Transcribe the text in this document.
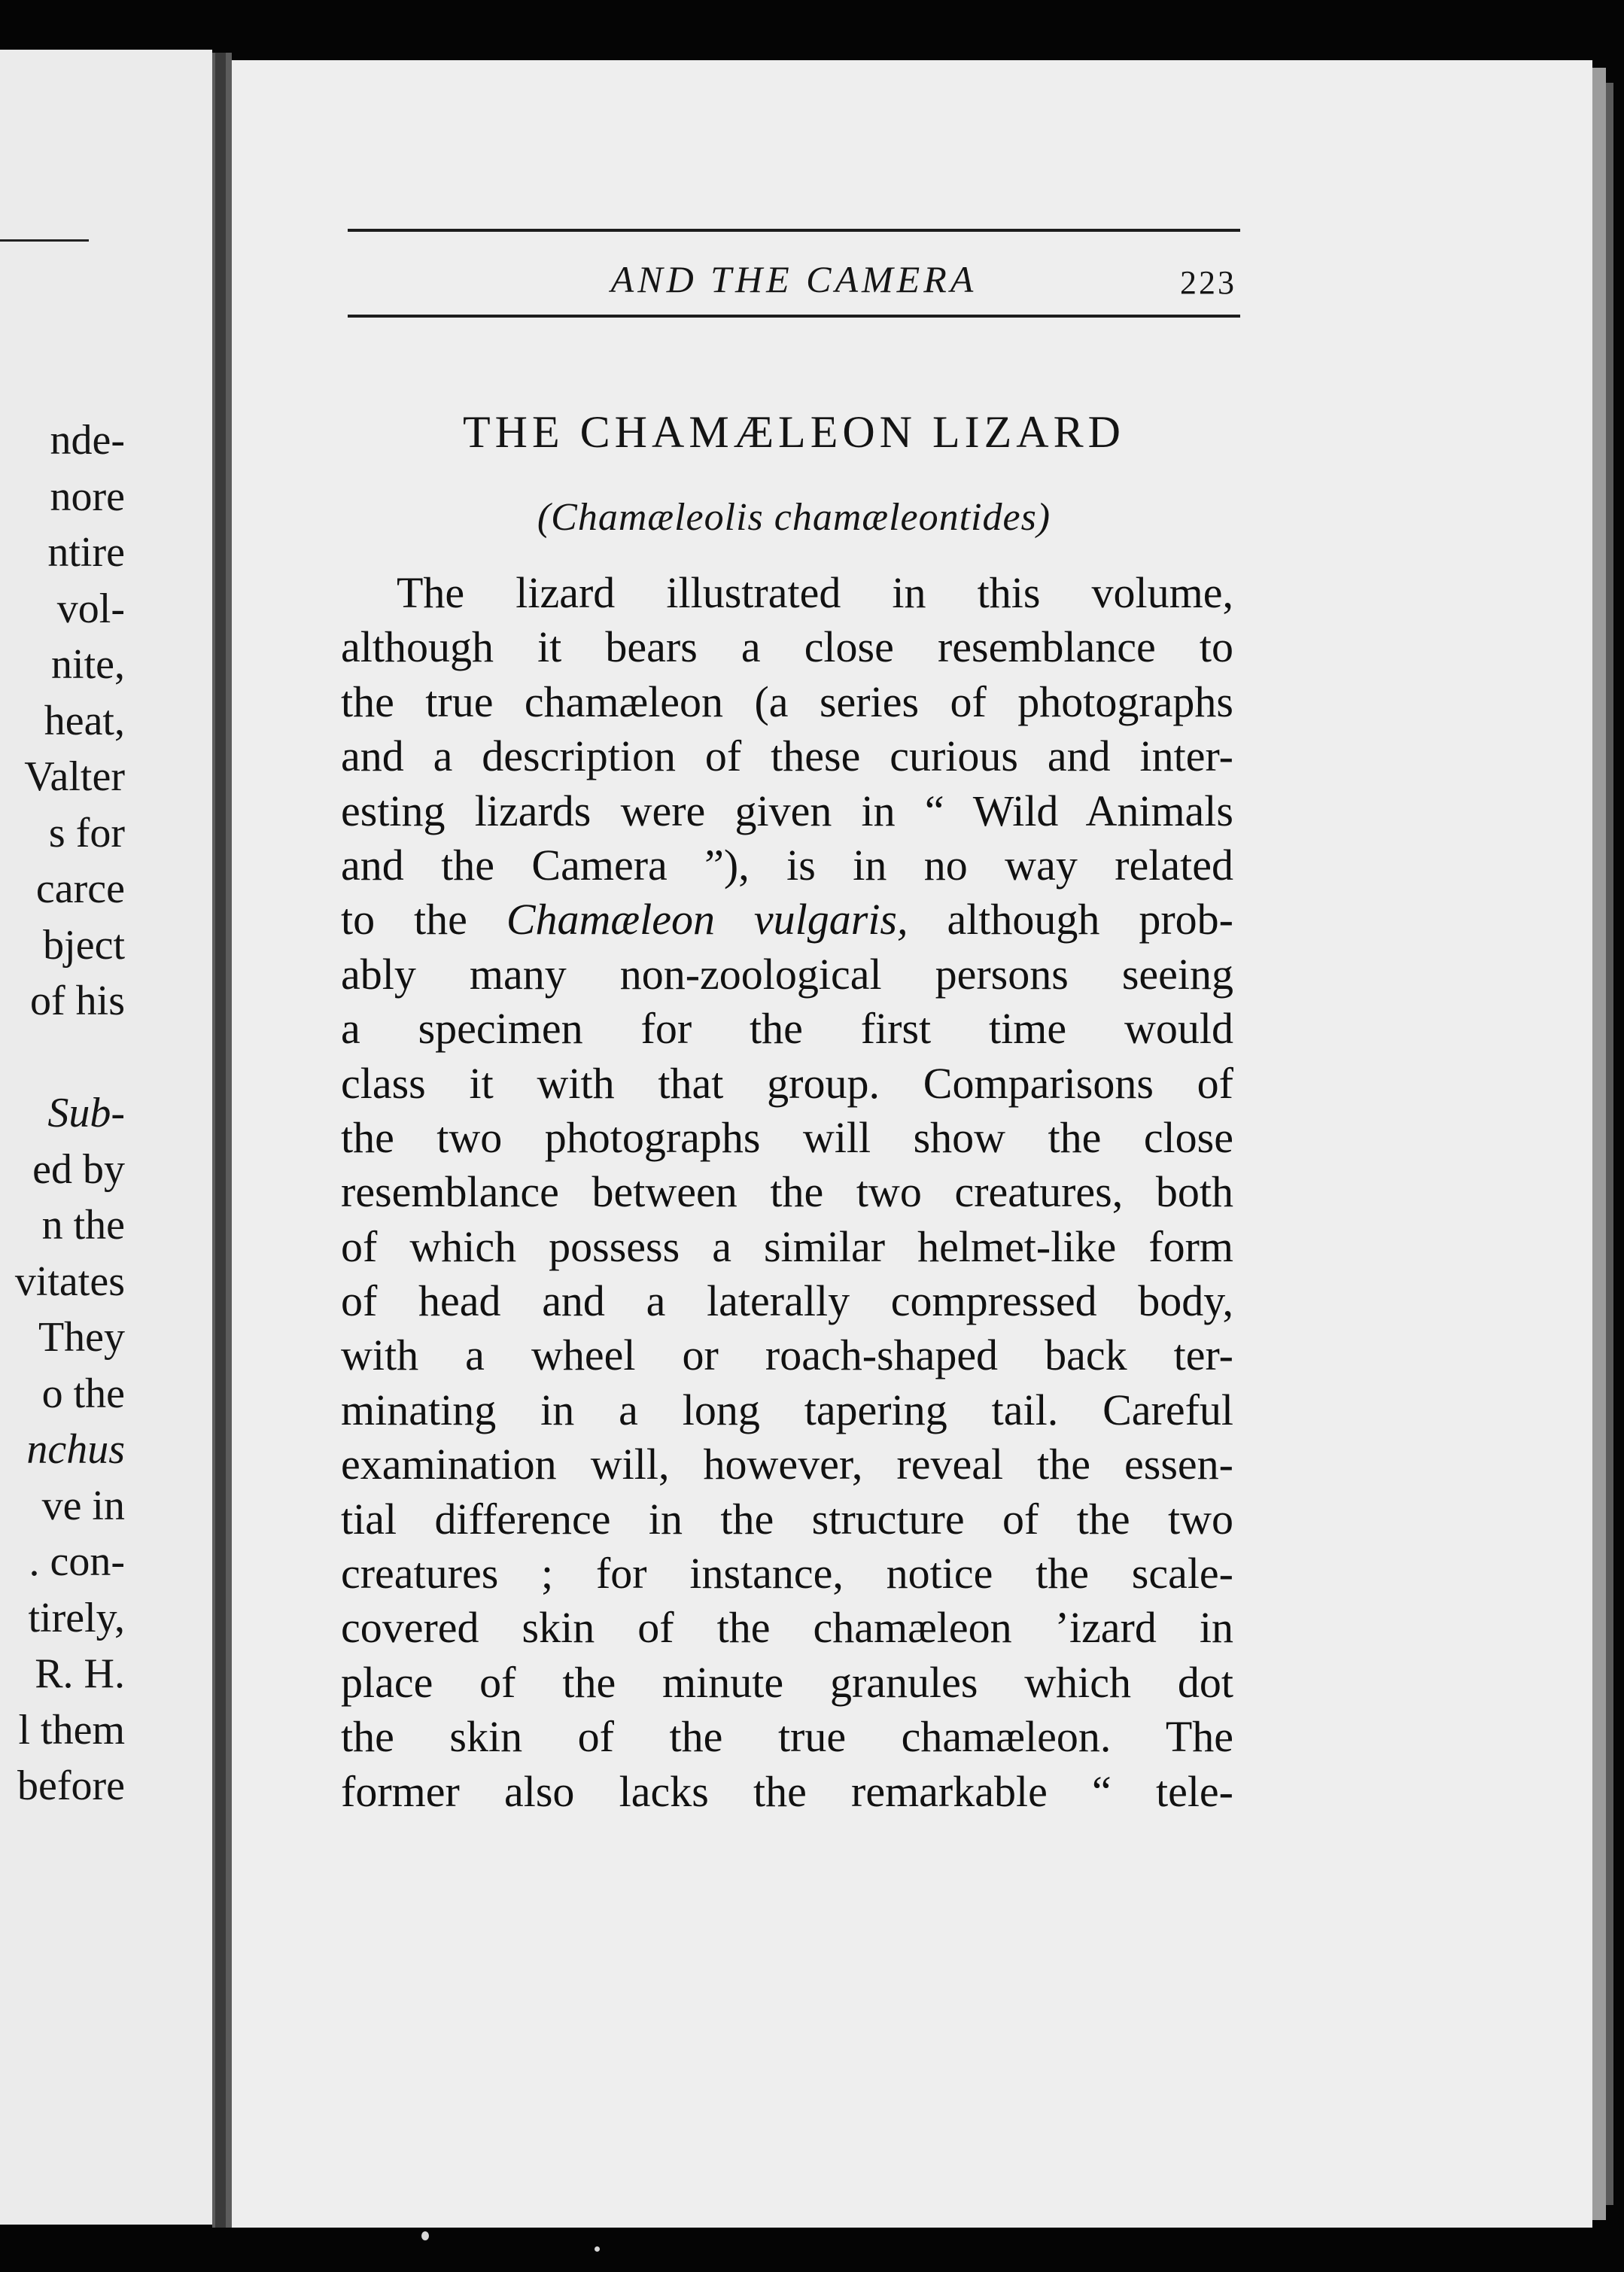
nde-
nore
ntire
vol-
nite,
heat,
Valter
s for
carce
bject
of his
Sub-
ed by
n the
vitates
They
o the
nchus
ve in
. con-
tirely,
R. H.
l them
before
AND THE CAMERA	223
THE CHAMÆLEON LIZARD
(Chamæleolis chamæleontides)
The lizard illustrated in this volume,
although it bears a close resemblance to
the true chamæleon (a series of photographs
and a description of these curious and inter-
esting lizards were given in “ Wild Animals
and the Camera ”), is in no way related
to the Chamæleon vulgaris, although prob-
ably many non-zoological persons seeing
a specimen for the first time would
class it with that group. Comparisons of
the two photographs will show the close
resemblance between the two creatures, both
of which possess a similar helmet-like form
of head and a laterally compressed body,
with a wheel or roach-shaped back ter-
minating in a long tapering tail. Careful
examination will, however, reveal the essen-
tial difference in the structure of the two
creatures ; for instance, notice the scale-
covered skin of the chamæleon ʼizard in
place of the minute granules which dot
the skin of the true chamæleon. The
former also lacks the remarkable “ tele-
